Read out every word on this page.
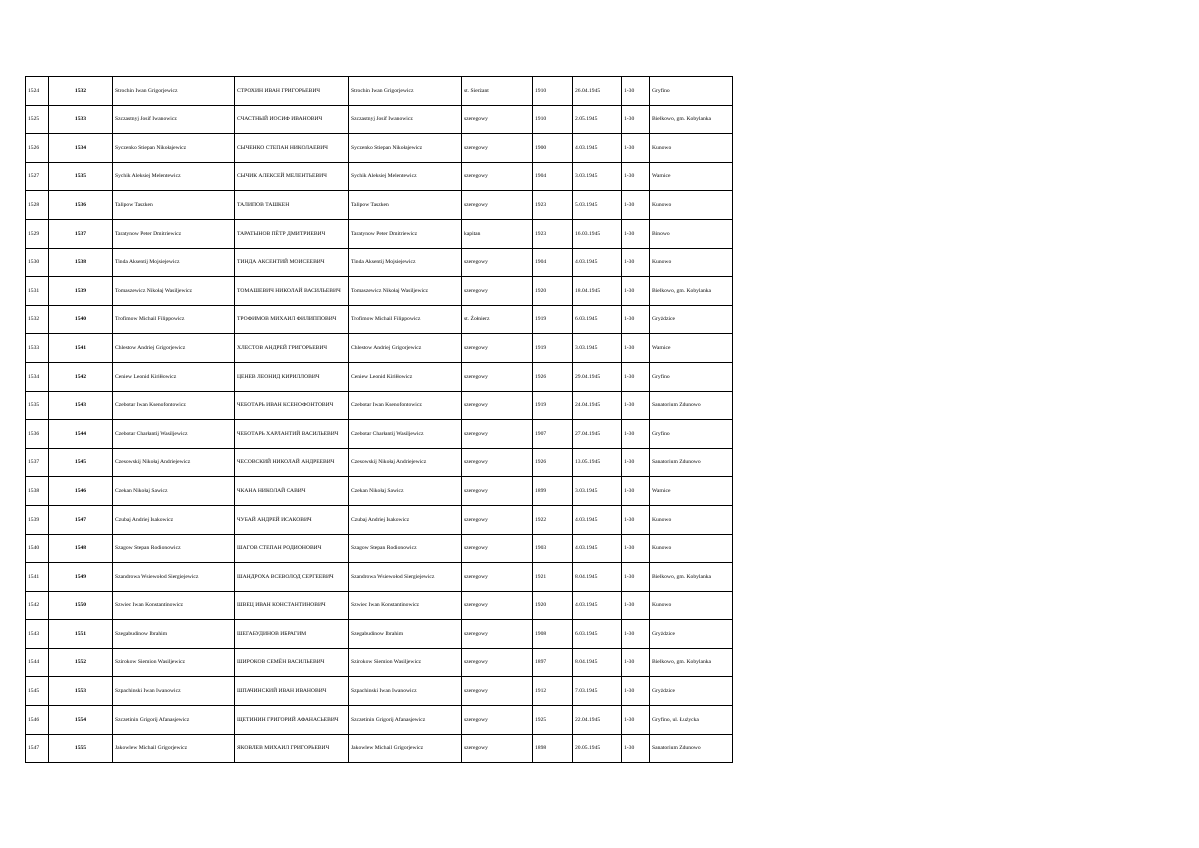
1524	1532	Strochin Iwan Grigorjewicz	СТРОХИН ИВАН ГРИГОРЬЕВИЧ	Strochin Iwan Grigorjewicz	st. Sierżant	1910	26.04.1945	1-30	Gryfino
1525	1533	Szczastnyj Josif Iwanowicz	СЧАСТНЫЙ ИОСИФ ИВАНОВИЧ	Szczastnyj Josif Iwanowicz	szeregowy	1910	2.05.1945	1-30	Bielkowo, gm. Kobylanka
1526	1534	Syczenko Stiepan Nikołajewicz	СЫЧЕНКО СТЕПАН НИКОЛАЕВИЧ	Syczenko Stiepan Nikołajewicz	szeregowy	1900	4.03.1945	1-30	Kunowo
1527	1535	Sychik Aleksiej Melentewicz	СЫЧИК АЛЕКСЕЙ МЕЛЕНТЬЕВИЧ	Sychik Aleksiej Melentewicz	szeregowy	1904	3.03.1945	1-30	Warnice
1528	1536	Talipow Taszken	ТАЛИПОВ ТАШКЕН	Talipow Taszken	szeregowy	1923	5.03.1945	1-30	Kunowo
1529	1537	Taratynow Peter Dmitriewicz	ТАРАТЫНОВ ПЁТР ДМИТРИЕВИЧ	Taratynow Peter Dmitriewicz	kapitan	1923	16.03.1945	1-30	Binowo
1530	1538	Tinda Aksentij Mojsiejewicz	ТИНДА АКСЕНТИЙ МОИСЕЕВИЧ	Tinda Aksentij Mojsiejewicz	szeregowy	1904	4.03.1945	1-30	Kunowo
1531	1539	Tomaszewicz Nikołaj Wasiljewicz	ТОМАШЕВИЧ НИКОЛАЙ ВАСИЛЬЕВИЧ	Tomaszewicz Nikołaj Wasiljewicz	szeregowy	1920	18.04.1945	1-30	Bielkowo, gm. Kobylanka
1532	1540	Trofimow Michail Filippowicz	ТРОФИМОВ МИХАИЛ ФИЛИППОВИЧ	Trofimow Michail Filippowicz	st. Żołnierz	1919	6.03.1945	1-30	Gryżdzice
1533	1541	Chlestow Andriej Grigorjewicz	ХЛЕСТОВ АНДРЕЙ ГРИГОРЬЕВИЧ	Chlestow Andriej Grigorjewicz	szeregowy	1919	3.03.1945	1-30	Warnice
1534	1542	Ceniew Leonid Kiriłłowicz	ЦЕНЕВ ЛЕОНИД КИРИЛЛОВИЧ	Ceniew Leonid Kiriłłowicz	szeregowy	1926	29.04.1945	1-30	Gryfino
1535	1543	Czebotar Iwan Ksenofontowicz	ЧЕБОТАРЬ ИВАН КСЕНОФОНТОВИЧ	Czebotar Iwan Ksenofontowicz	szeregowy	1919	24.04.1945	1-30	Sanatorium Zdunowo
1536	1544	Czebotar Charłantij Wasiljewicz	ЧЕБОТАРЬ ХАРЛАНТИЙ ВАСИЛЬЕВИЧ	Czebotar Charłantij Wasiljewicz	szeregowy	1907	27.04.1945	1-30	Gryfino
1537	1545	Czesowskij Nikołaj Andriejewicz	ЧЕСОВСКИЙ НИКОЛАЙ АНДРЕЕВИЧ	Czesowskij Nikołaj Andriejewicz	szeregowy	1926	13.05.1945	1-30	Sanatorium Zdunowo
1538	1546	Czekan Nikołaj Sawicz	ЧКАНА НИКОЛАЙ САВИЧ	Czekan Nikołaj Sawicz	szeregowy	1899	3.03.1945	1-30	Warnice
1539	1547	Czubaj Andriej Isakowicz	ЧУБАЙ АНДРЕЙ ИСАКОВИЧ	Czubaj Andriej Isakowicz	szeregowy	1922	4.03.1945	1-30	Kunowo
1540	1548	Szagow Stepan Rodionowicz	ШАГОВ СТЕПАН РОДИОНОВИЧ	Szagow Stepan Rodionowicz	szeregowy	1903	4.03.1945	1-30	Kunowo
1541	1549	Szandrowa Wsiewołod Siergiejewicz	ШАНДРОХА ВСЕВОЛОД СЕРГЕЕВИЧ	Szandrowa Wsiewołod Siergiejewicz	szeregowy	1921	8.04.1945	1-30	Bielkowo, gm. Kobylanka
1542	1550	Szwiec Iwan Konstantinowicz	ШВЕЦ ИВАН КОНСТАНТИНОВИЧ	Szwiec Iwan Konstantinowicz	szeregowy	1920	4.03.1945	1-30	Kunowo
1543	1551	Szegabudinow Ibrahim	ШЕГАБУДИНОВ ИБРАГИМ	Szegabudinow Ibrahim	szeregowy	1908	6.03.1945	1-30	Gryżdzice
1544	1552	Szirokow Siemion Wasiljewicz	ШИРОКОВ СЕМЁН ВАСИЛЬЕВИЧ	Szirokow Siemion Wasiljewicz	szeregowy	1897	8.04.1945	1-30	Bielkowo, gm. Kobylanka
1545	1553	Szpachinski Iwan Iwanowicz	ШПАЧИНСКИЙ ИВАН ИВАНОВИЧ	Szpachinski Iwan Iwanowicz	szeregowy	1912	7.03.1945	1-30	Gryżdzice
1546	1554	Szczetinin Grigorij Afanasjewicz	ЩЕТИНИН ГРИГОРИЙ АФАНАСЬЕВИЧ	Szczetinin Grigorij Afanasjewicz	szeregowy	1925	22.04.1945	1-30	Gryfino, ul. Łużycka
1547	1555	Jakowlew Michail Grigorjewicz	ЯКОВЛЕВ МИХАИЛ ГРИГОРЬЕВИЧ	Jakowlew Michail Grigorjewicz	szeregowy	1898	20.05.1945	1-30	Sanatorium Zdunowo
